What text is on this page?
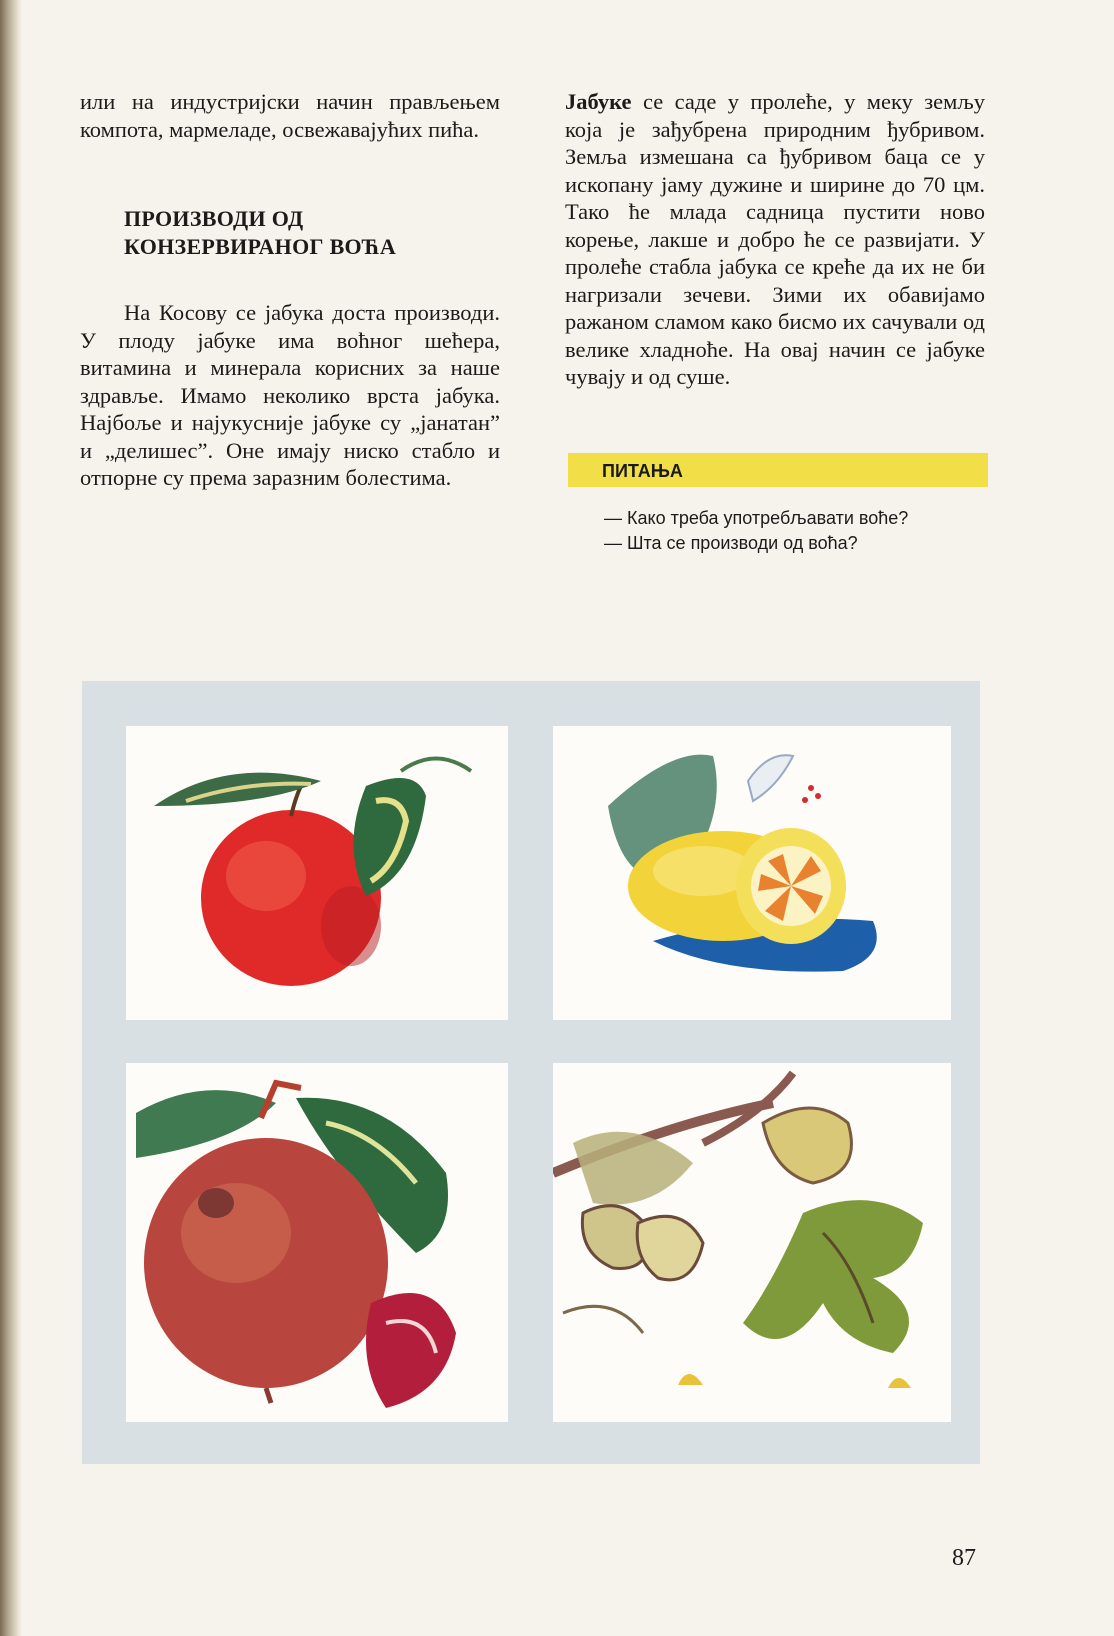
или на индустријски начин прављењем компота, мармеладе, освежавајућих пића.

ПРОИЗВОДИ ОД КОНЗЕРВИРАНОГ ВОЋА

На Косову се јабука доста производи. У плоду јабуке има воћног шећера, витамина и минерала корисних за наше здравље. Имамо неколико врста јабука. Најбоље и најукусније јабуке су „јанатан” и „делишес”. Оне имају ниско стабло и отпорне су према заразним болестима.

Јабуке се саде у пролеће, у меку земљу која је зађубрена природним ђубривом. Земља измешана са ђубривом баца се у ископану јаму дужине и ширине до 70 цм. Тако ће млада садница пустити ново корење, лакше и добро ће се развијати. У пролеће стабла јабука се креће да их не би нагризали зечеви. Зими их обавијамо ражаном сламом како бисмо их сачували од велике хладноће. На овај начин се јабуке чувају и од суше.

ПИТАЊА
— Како треба употребљавати воће?
— Шта се производи од воћа?
87
